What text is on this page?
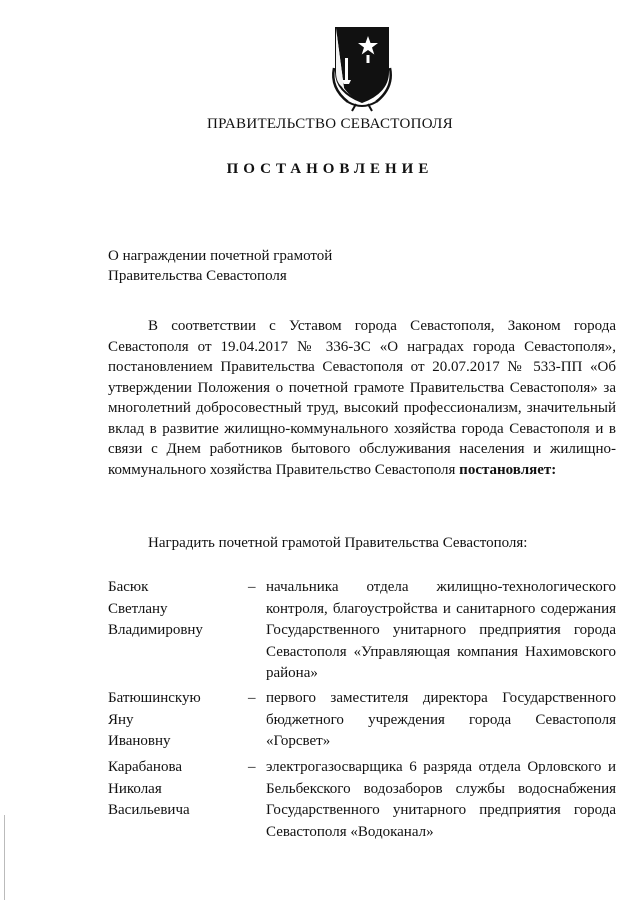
ПРАВИТЕЛЬСТВО СЕВАСТОПОЛЯ
ПОСТАНОВЛЕНИЕ
О награждении почетной грамотой
Правительства Севастополя
В соответствии с Уставом города Севастополя, Законом города Севастополя от 19.04.2017 № 336-ЗС «О наградах города Севастополя», постановлением Правительства Севастополя от 20.07.2017 № 533-ПП «Об утверждении Положения о почетной грамоте Правительства Севастополя» за многолетний добросовестный труд, высокий профессионализм, значительный вклад в развитие жилищно-коммунального хозяйства города Севастополя и в связи с Днем работников бытового обслуживания населения и жилищно-коммунального хозяйства Правительство Севастополя постановляет:
Наградить почетной грамотой Правительства Севастополя:
Басюк
Светлану
Владимировну
– начальника отдела жилищно-технологического контроля, благоустройства и санитарного содержания Государственного унитарного предприятия города Севастополя «Управляющая компания Нахимовского района»
Батюшинскую
Яну
Ивановну
– первого заместителя директора Государственного бюджетного учреждения города Севастополя «Горсвет»
Карабанова
Николая
Васильевича
– электрогазосварщика 6 разряда отдела Орловского и Бельбекского водозаборов службы водоснабжения Государственного унитарного предприятия города Севастополя «Водоканал»
